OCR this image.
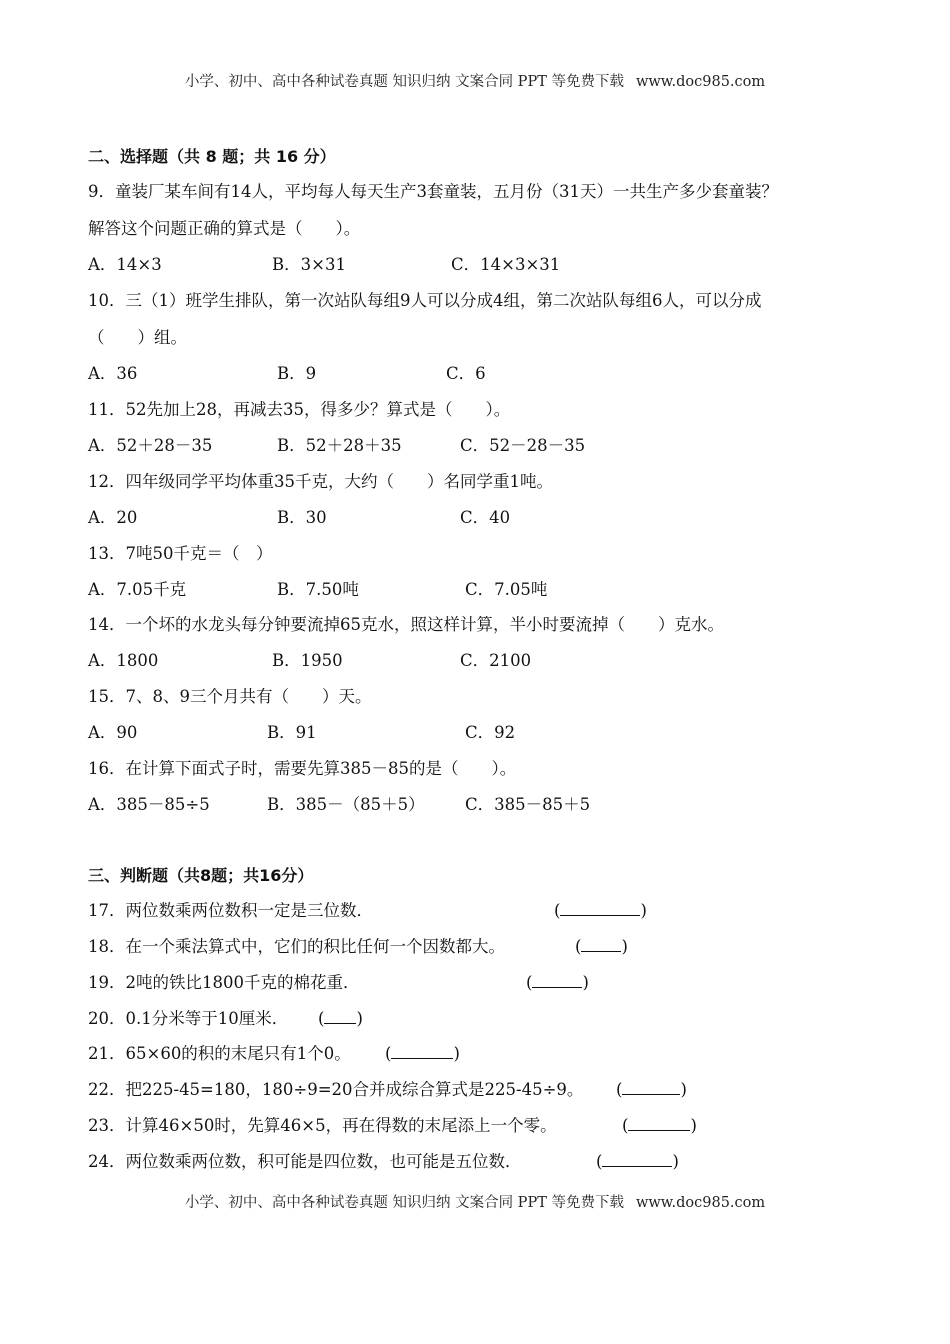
小学、初中、高中各种试卷真题 知识归纳 文案合同 PPT 等免费下载 www.doc985.com
二、选择题（共 8 题；共 16 分）
9．童装厂某车间有14人，平均每人每天生产3套童装，五月份（31天）一共生产多少套童装？
解答这个问题正确的算式是（　　）。
A．14×3	B．3×31	C．14×3×31
10．三（1）班学生排队，第一次站队每组9人可以分成4组，第二次站队每组6人，可以分成
（　　）组。
A．36	B．9	C．6
11．52先加上28，再减去35，得多少？算式是（　　）。
A．52＋28－35	B．52＋28＋35	C．52－28－35
12．四年级同学平均体重35千克，大约（　　）名同学重1吨。
A．20	B．30	C．40
13．7吨50千克＝（　）
A．7.05千克	B．7.50吨	C．7.05吨
14．一个坏的水龙头每分钟要流掉65克水，照这样计算，半小时要流掉（　　）克水。
A．1800	B．1950	C．2100
15．7、8、9三个月共有（　　）天。
A．90	B．91	C．92
16．在计算下面式子时，需要先算385－85的是（　　）。
A．385－85÷5	B．385－（85＋5） C．385－85＋5
三、判断题（共8题；共16分）
17．两位数乘两位数积一定是三位数．	(	)
18．在一个乘法算式中，它们的积比任何一个因数都大。	( )
19．2吨的铁比1800千克的棉花重．	(	)
20．0.1分米等于10厘米． ( )
21．65×60的积的末尾只有1个0。 (	)
22．把225-45=180，180÷9=20合并成综合算式是225-45÷9。 (	)
23．计算46×50时，先算46×5，再在得数的末尾添上一个零。	(	)
24．两位数乘两位数，积可能是四位数，也可能是五位数．	(	)
小学、初中、高中各种试卷真题 知识归纳 文案合同 PPT 等免费下载 www.doc985.com
